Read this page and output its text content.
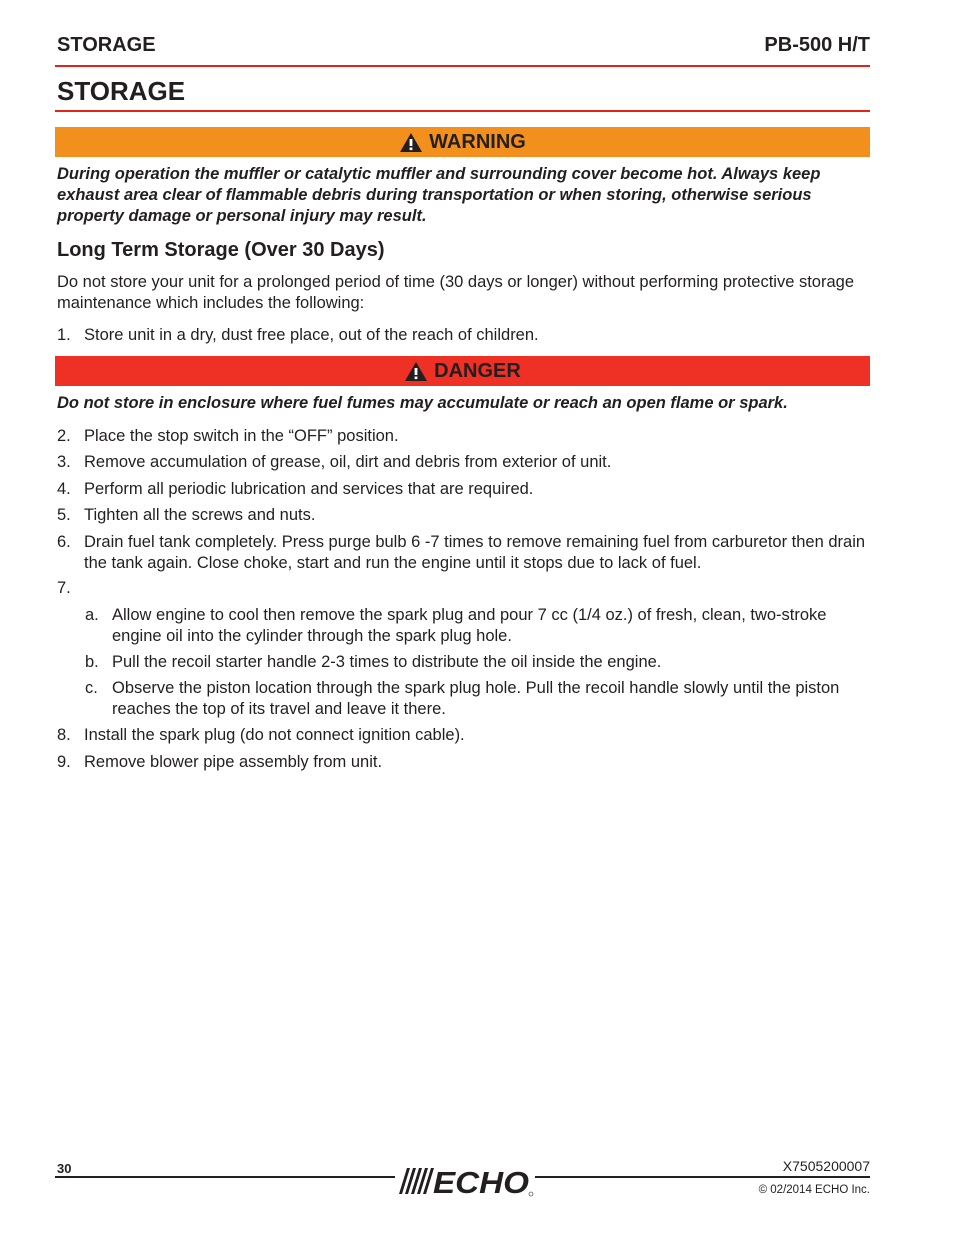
STORAGE	PB-500 H/T
STORAGE
WARNING
During operation the muffler or catalytic muffler and surrounding cover become hot. Always keep exhaust area clear of flammable debris during transportation or when storing, otherwise serious property damage or personal injury may result.
Long Term Storage (Over 30 Days)
Do not store your unit for a prolonged period of time (30 days or longer) without performing protective storage maintenance which includes the following:
1. Store unit in a dry, dust free place, out of the reach of children.
DANGER
Do not store in enclosure where fuel fumes may accumulate or reach an open flame or spark.
2. Place the stop switch in the “OFF” position.
3. Remove accumulation of grease, oil, dirt and debris from exterior of unit.
4. Perform all periodic lubrication and services that are required.
5. Tighten all the screws and nuts.
6. Drain fuel tank completely. Press purge bulb 6 -7 times to remove remaining fuel from carburetor then drain the tank again. Close choke, start and run the engine until it stops due to lack of fuel.
7.
a. Allow engine to cool then remove the spark plug and pour 7 cc (1/4 oz.) of fresh, clean, two-stroke engine oil into the cylinder through the spark plug hole.
b. Pull the recoil starter handle 2-3 times to distribute the oil inside the engine.
c. Observe the piston location through the spark plug hole. Pull the recoil handle slowly until the piston reaches the top of its travel and leave it there.
8. Install the spark plug (do not connect ignition cable).
9. Remove blower pipe assembly from unit.
30	X7505200007
ECHO	© 02/2014 ECHO Inc.
